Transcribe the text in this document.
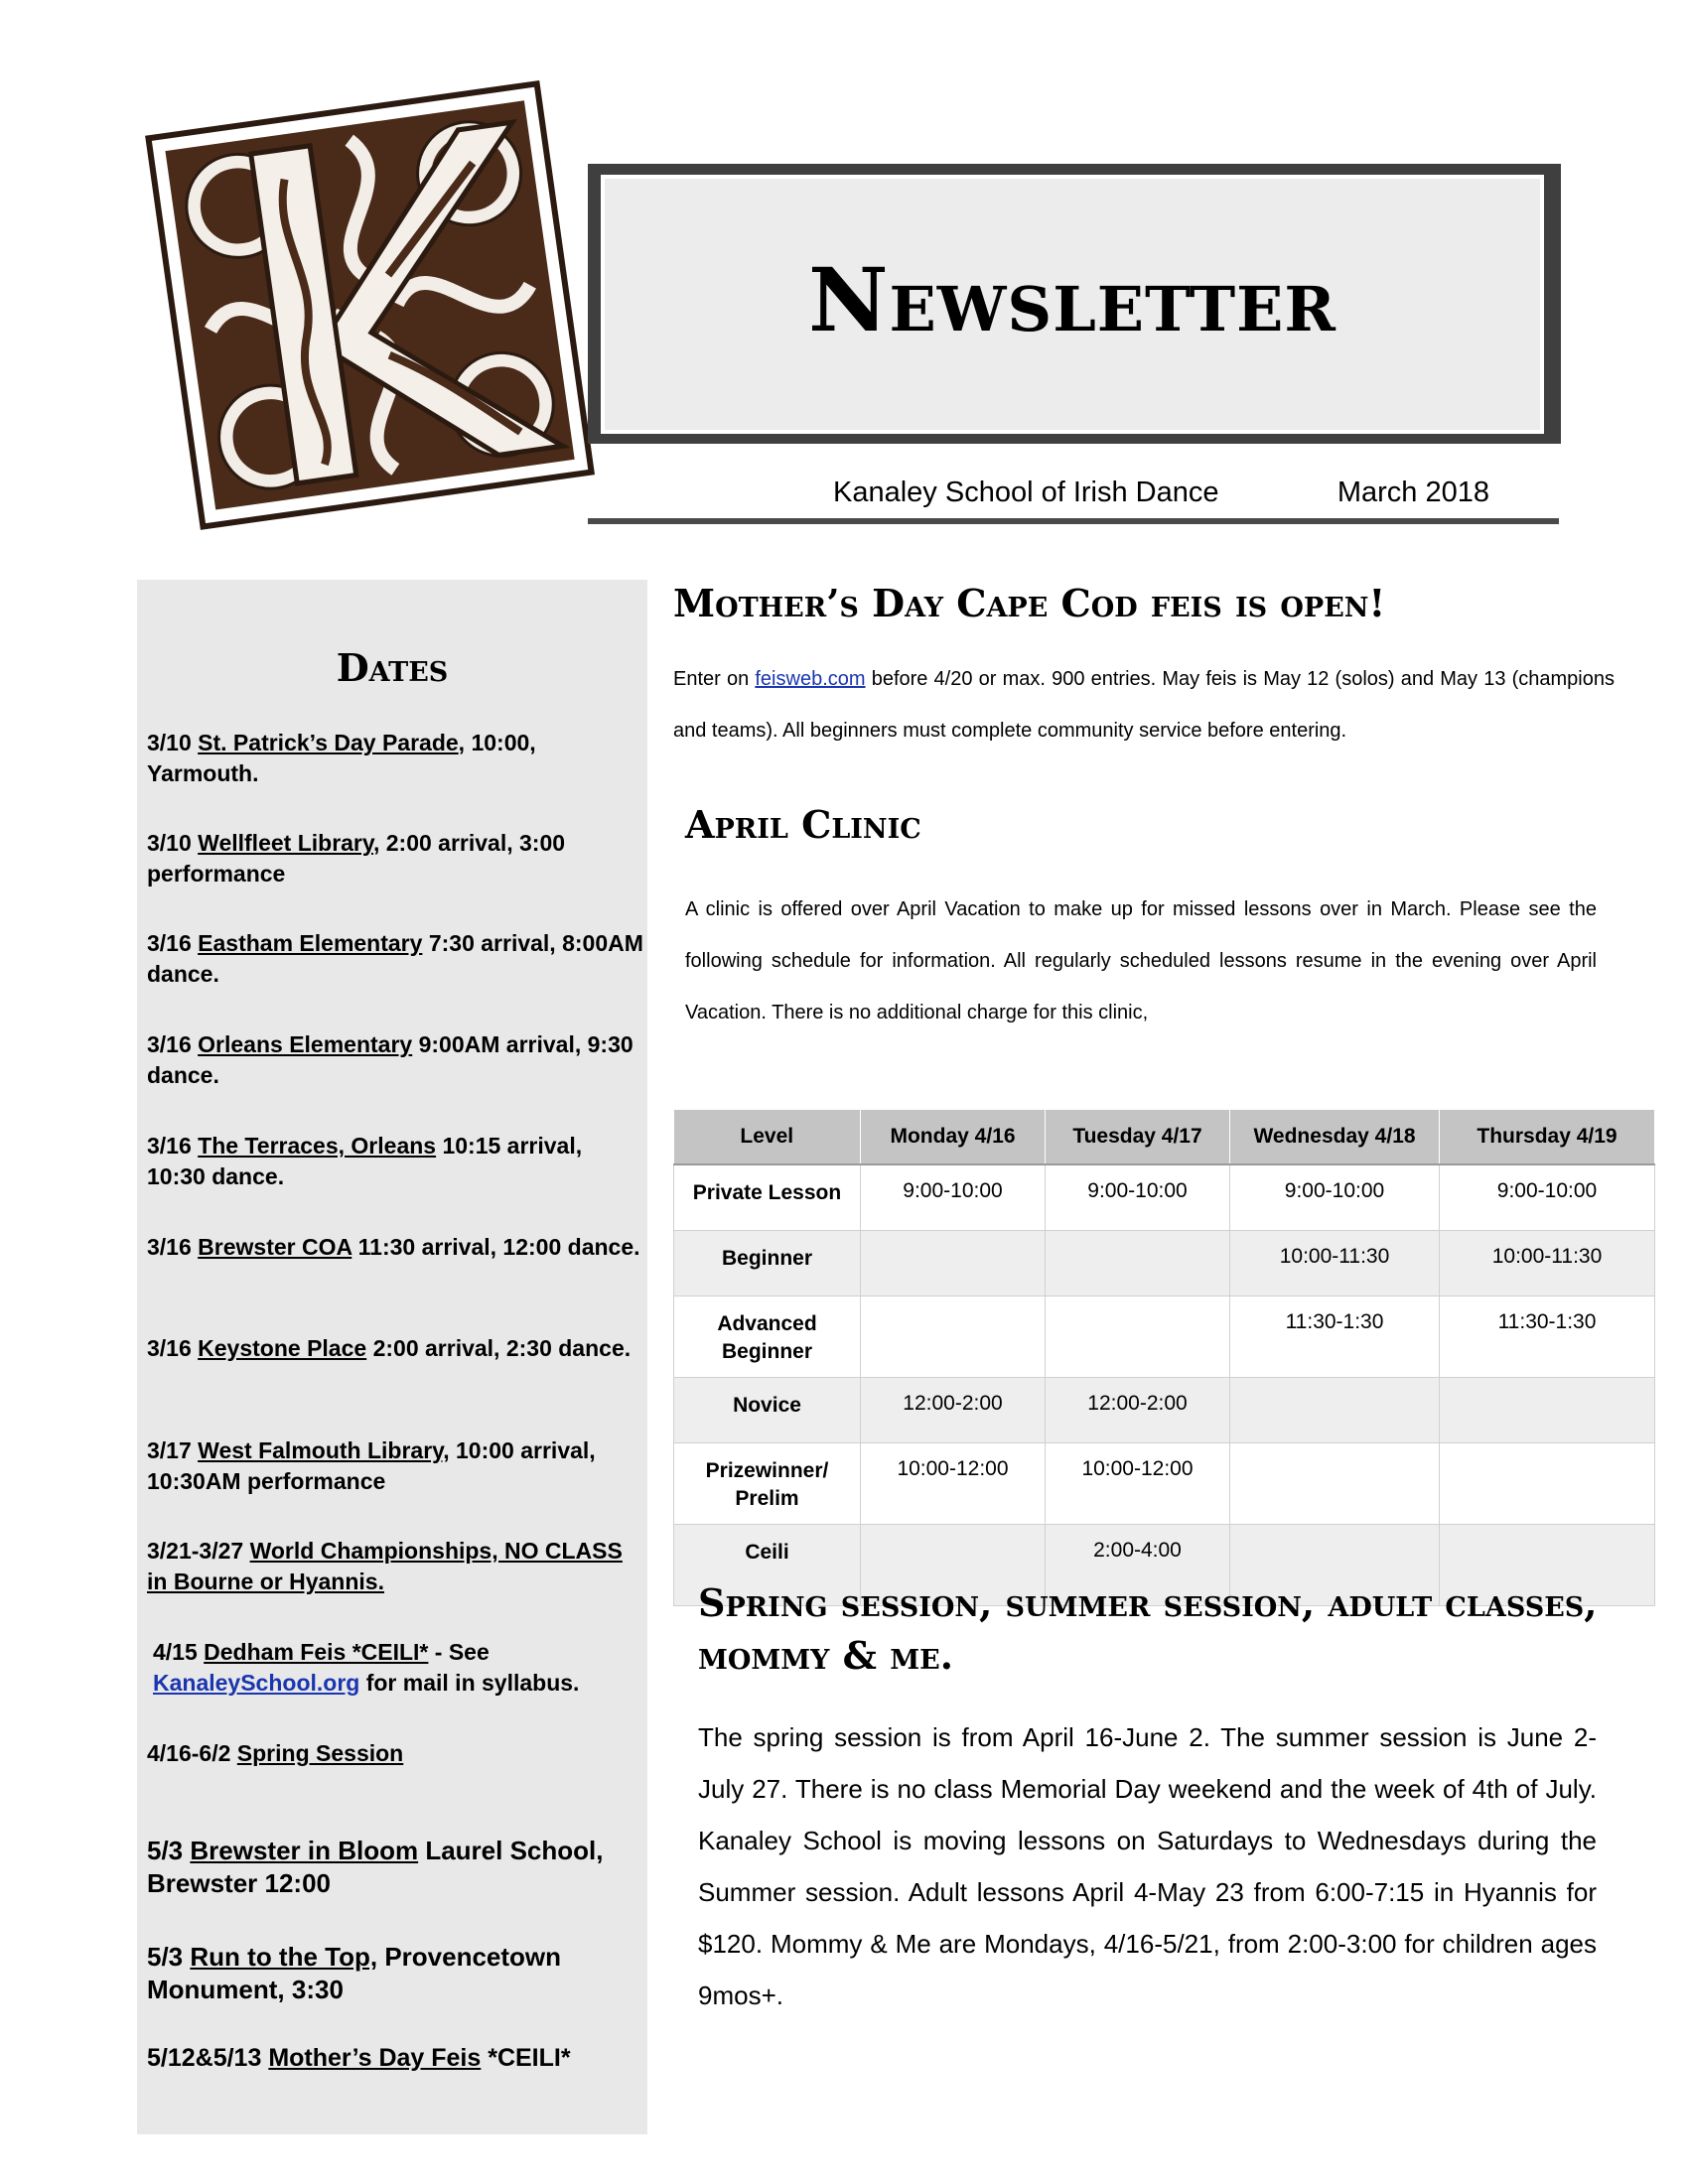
Newsletter
Kanaley School of Irish Dance	March 2018
Dates
3/10 St. Patrick’s Day Parade, 10:00, Yarmouth.
3/10 Wellfleet Library, 2:00 arrival, 3:00 performance
3/16 Eastham Elementary 7:30 arrival, 8:00AM dance.
3/16 Orleans Elementary 9:00AM arrival, 9:30 dance.
3/16 The Terraces, Orleans 10:15 arrival, 10:30 dance.
3/16 Brewster COA 11:30 arrival, 12:00 dance.
3/16 Keystone Place 2:00 arrival, 2:30 dance.
3/17 West Falmouth Library, 10:00 arrival, 10:30AM performance
3/21-3/27 World Championships, NO CLASS in Bourne or Hyannis.
4/15 Dedham Feis *CEILI* - See KanaleySchool.org for mail in syllabus.
4/16-6/2 Spring Session
5/3 Brewster in Bloom Laurel School, Brewster 12:00
5/3 Run to the Top, Provencetown Monument, 3:30
5/12&5/13 Mother’s Day Feis *CEILI*
Mother’s Day Cape Cod feis is open!
Enter on feisweb.com before 4/20 or max. 900 entries. May feis is May 12 (solos) and May 13 (champions and teams). All beginners must complete community service before entering.
April Clinic
A clinic is offered over April Vacation to make up for missed lessons over in March. Please see the following schedule for information. All regularly scheduled lessons resume in the evening over April Vacation. There is no additional charge for this clinic,
Level	Monday 4/16	Tuesday 4/17	Wednesday 4/18	Thursday 4/19
Private Lesson	9:00-10:00	9:00-10:00	9:00-10:00	9:00-10:00
Beginner			10:00-11:30	10:00-11:30
Advanced Beginner			11:30-1:30	11:30-1:30
Novice	12:00-2:00	12:00-2:00		
Prizewinner/ Prelim	10:00-12:00	10:00-12:00		
Ceili		2:00-4:00		
Spring session, summer session, adult classes,
mommy & me.
The spring session is from April 16-June 2. The summer session is June 2-July 27. There is no class Memorial Day weekend and the week of 4th of July. Kanaley School is moving lessons on Saturdays to Wednesdays during the Summer session. Adult lessons April 4-May 23 from 6:00-7:15 in Hyannis for $120. Mommy & Me are Mondays, 4/16-5/21, from 2:00-3:00 for children ages 9mos+.
